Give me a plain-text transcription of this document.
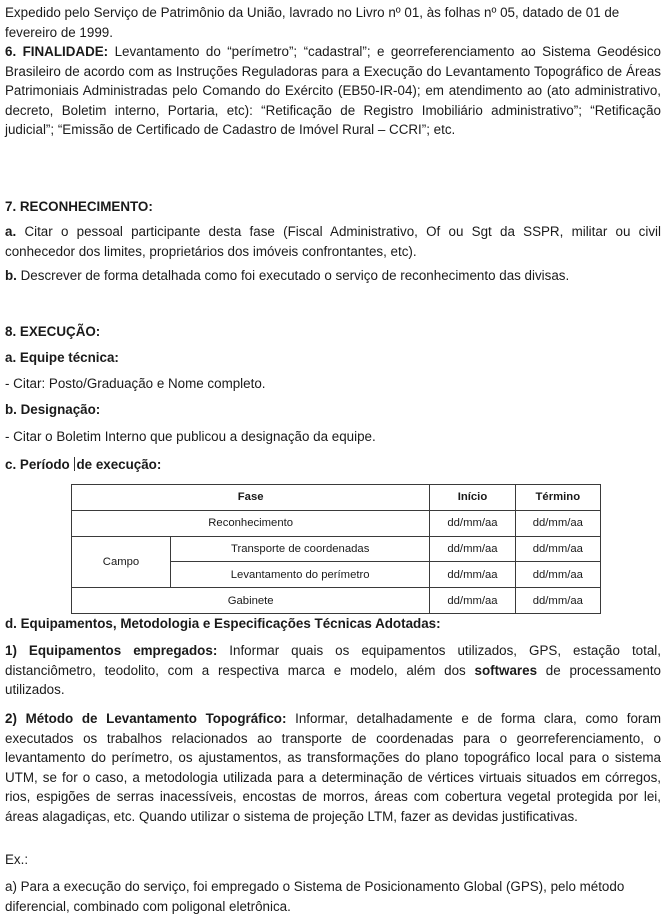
Expedido pelo Serviço de Patrimônio da União, lavrado no Livro nº 01, às folhas nº 05, datado de 01 de fevereiro de 1999.

6. FINALIDADE: Levantamento do “perímetro”; “cadastral”; e georreferenciamento ao Sistema Geodésico Brasileiro de acordo com as Instruções Reguladoras para a Execução do Levantamento Topográfico de Áreas Patrimoniais Administradas pelo Comando do Exército (EB50-IR-04); em atendimento ao (ato administrativo, decreto, Boletim interno, Portaria, etc): “Retificação de Registro Imobiliário administrativo”; “Retificação judicial”; “Emissão de Certificado de Cadastro de Imóvel Rural – CCRI”; etc.

7. RECONHECIMENTO:

a. Citar o pessoal participante desta fase (Fiscal Administrativo, Of ou Sgt da SSPR, militar ou civil conhecedor dos limites, proprietários dos imóveis confrontantes, etc).

b. Descrever de forma detalhada como foi executado o serviço de reconhecimento das divisas.

8. EXECUÇÃO:

a. Equipe técnica:

- Citar: Posto/Graduação e Nome completo.

b. Designação:

- Citar o Boletim Interno que publicou a designação da equipe.

c. Período de execução:

Fase		Início	Término
Reconhecimento		dd/mm/aa	dd/mm/aa
Campo	Transporte de coordenadas	dd/mm/aa	dd/mm/aa
	Levantamento do perímetro	dd/mm/aa	dd/mm/aa
Gabinete		dd/mm/aa	dd/mm/aa

d. Equipamentos, Metodologia e Especificações Técnicas Adotadas:

1) Equipamentos empregados: Informar quais os equipamentos utilizados, GPS, estação total, distanciômetro, teodolito, com a respectiva marca e modelo, além dos softwares de processamento utilizados.

2) Método de Levantamento Topográfico: Informar, detalhadamente e de forma clara, como foram executados os trabalhos relacionados ao transporte de coordenadas para o georreferenciamento, o levantamento do perímetro, os ajustamentos, as transformações do plano topográfico local para o sistema UTM, se for o caso, a metodologia utilizada para a determinação de vértices virtuais situados em córregos, rios, espigões de serras inacessíveis, encostas de morros, áreas com cobertura vegetal protegida por lei, áreas alagadiças, etc. Quando utilizar o sistema de projeção LTM, fazer as devidas justificativas.

Ex.:

a) Para a execução do serviço, foi empregado o Sistema de Posicionamento Global (GPS), pelo método diferencial, combinado com poligonal eletrônica.
